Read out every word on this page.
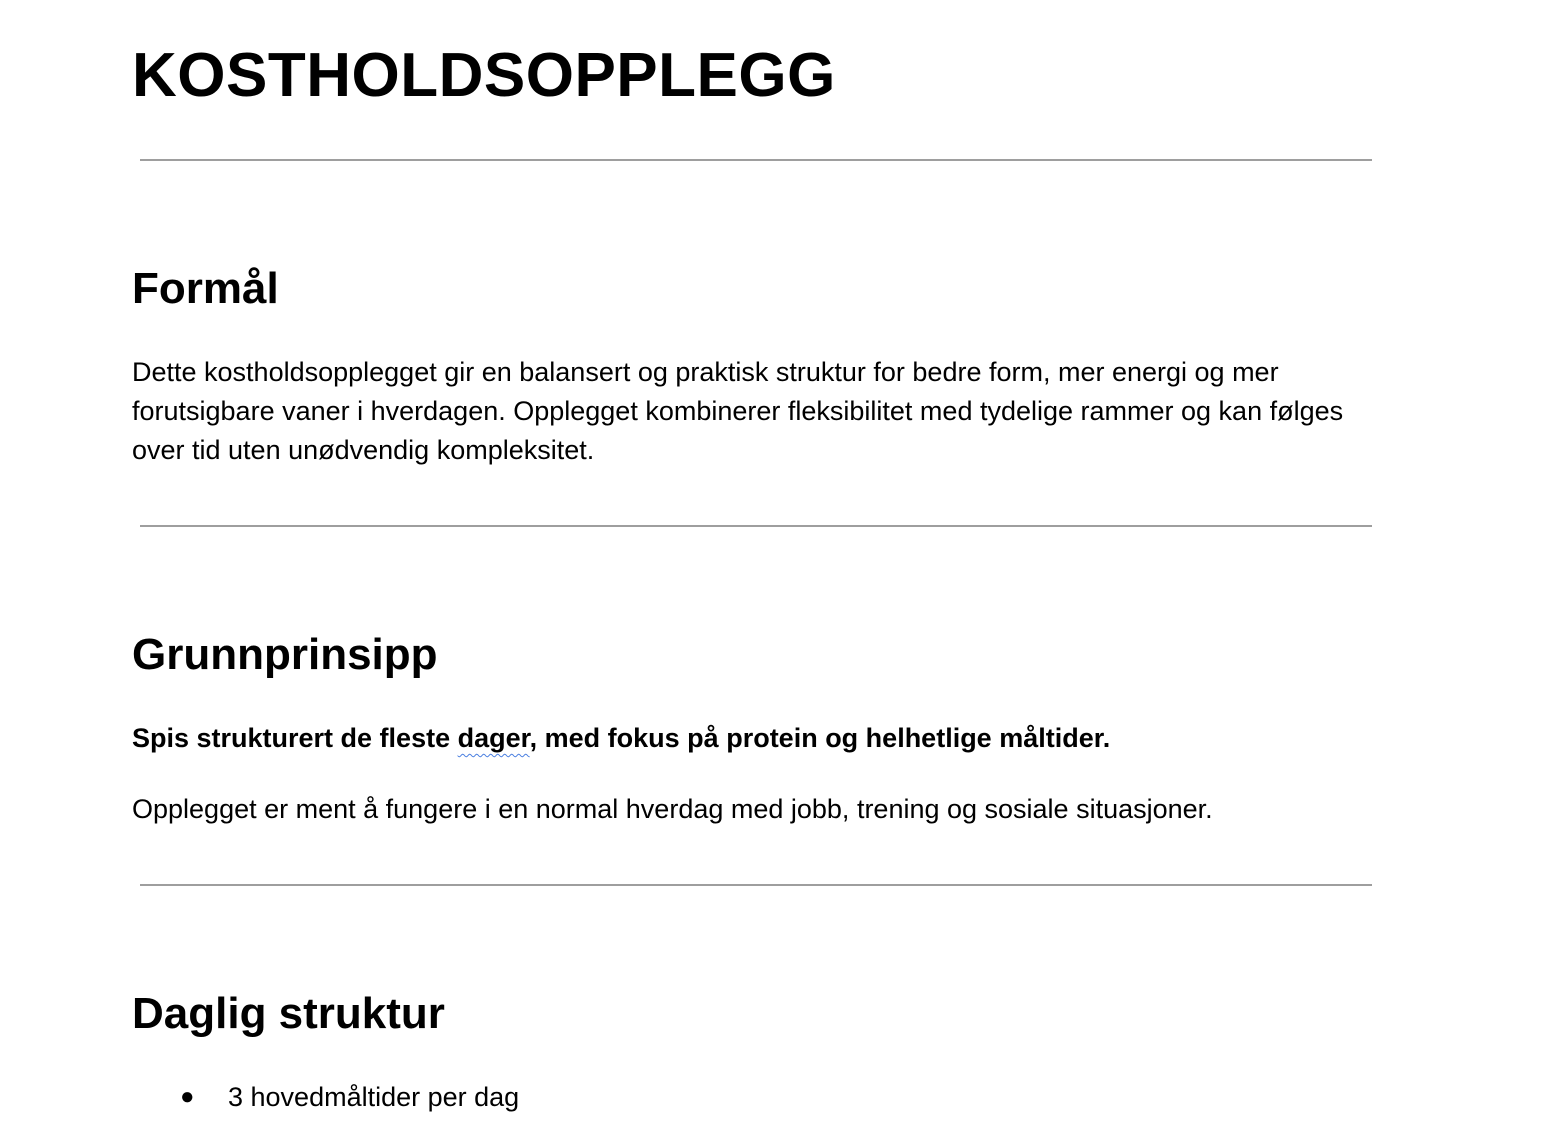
KOSTHOLDSOPPLEGG
Formål

Dette kostholdsopplegget gir en balansert og praktisk struktur for bedre form, mer energi og mer forutsigbare vaner i hverdagen. Opplegget kombinerer fleksibilitet med tydelige rammer og kan følges over tid uten unødvendig kompleksitet.

Grunnprinsipp

Spis strukturert de fleste dager, med fokus på protein og helhetlige måltider.

Opplegget er ment å fungere i en normal hverdag med jobb, trening og sosiale situasjoner.

Daglig struktur
● 3 hovedmåltider per dag
